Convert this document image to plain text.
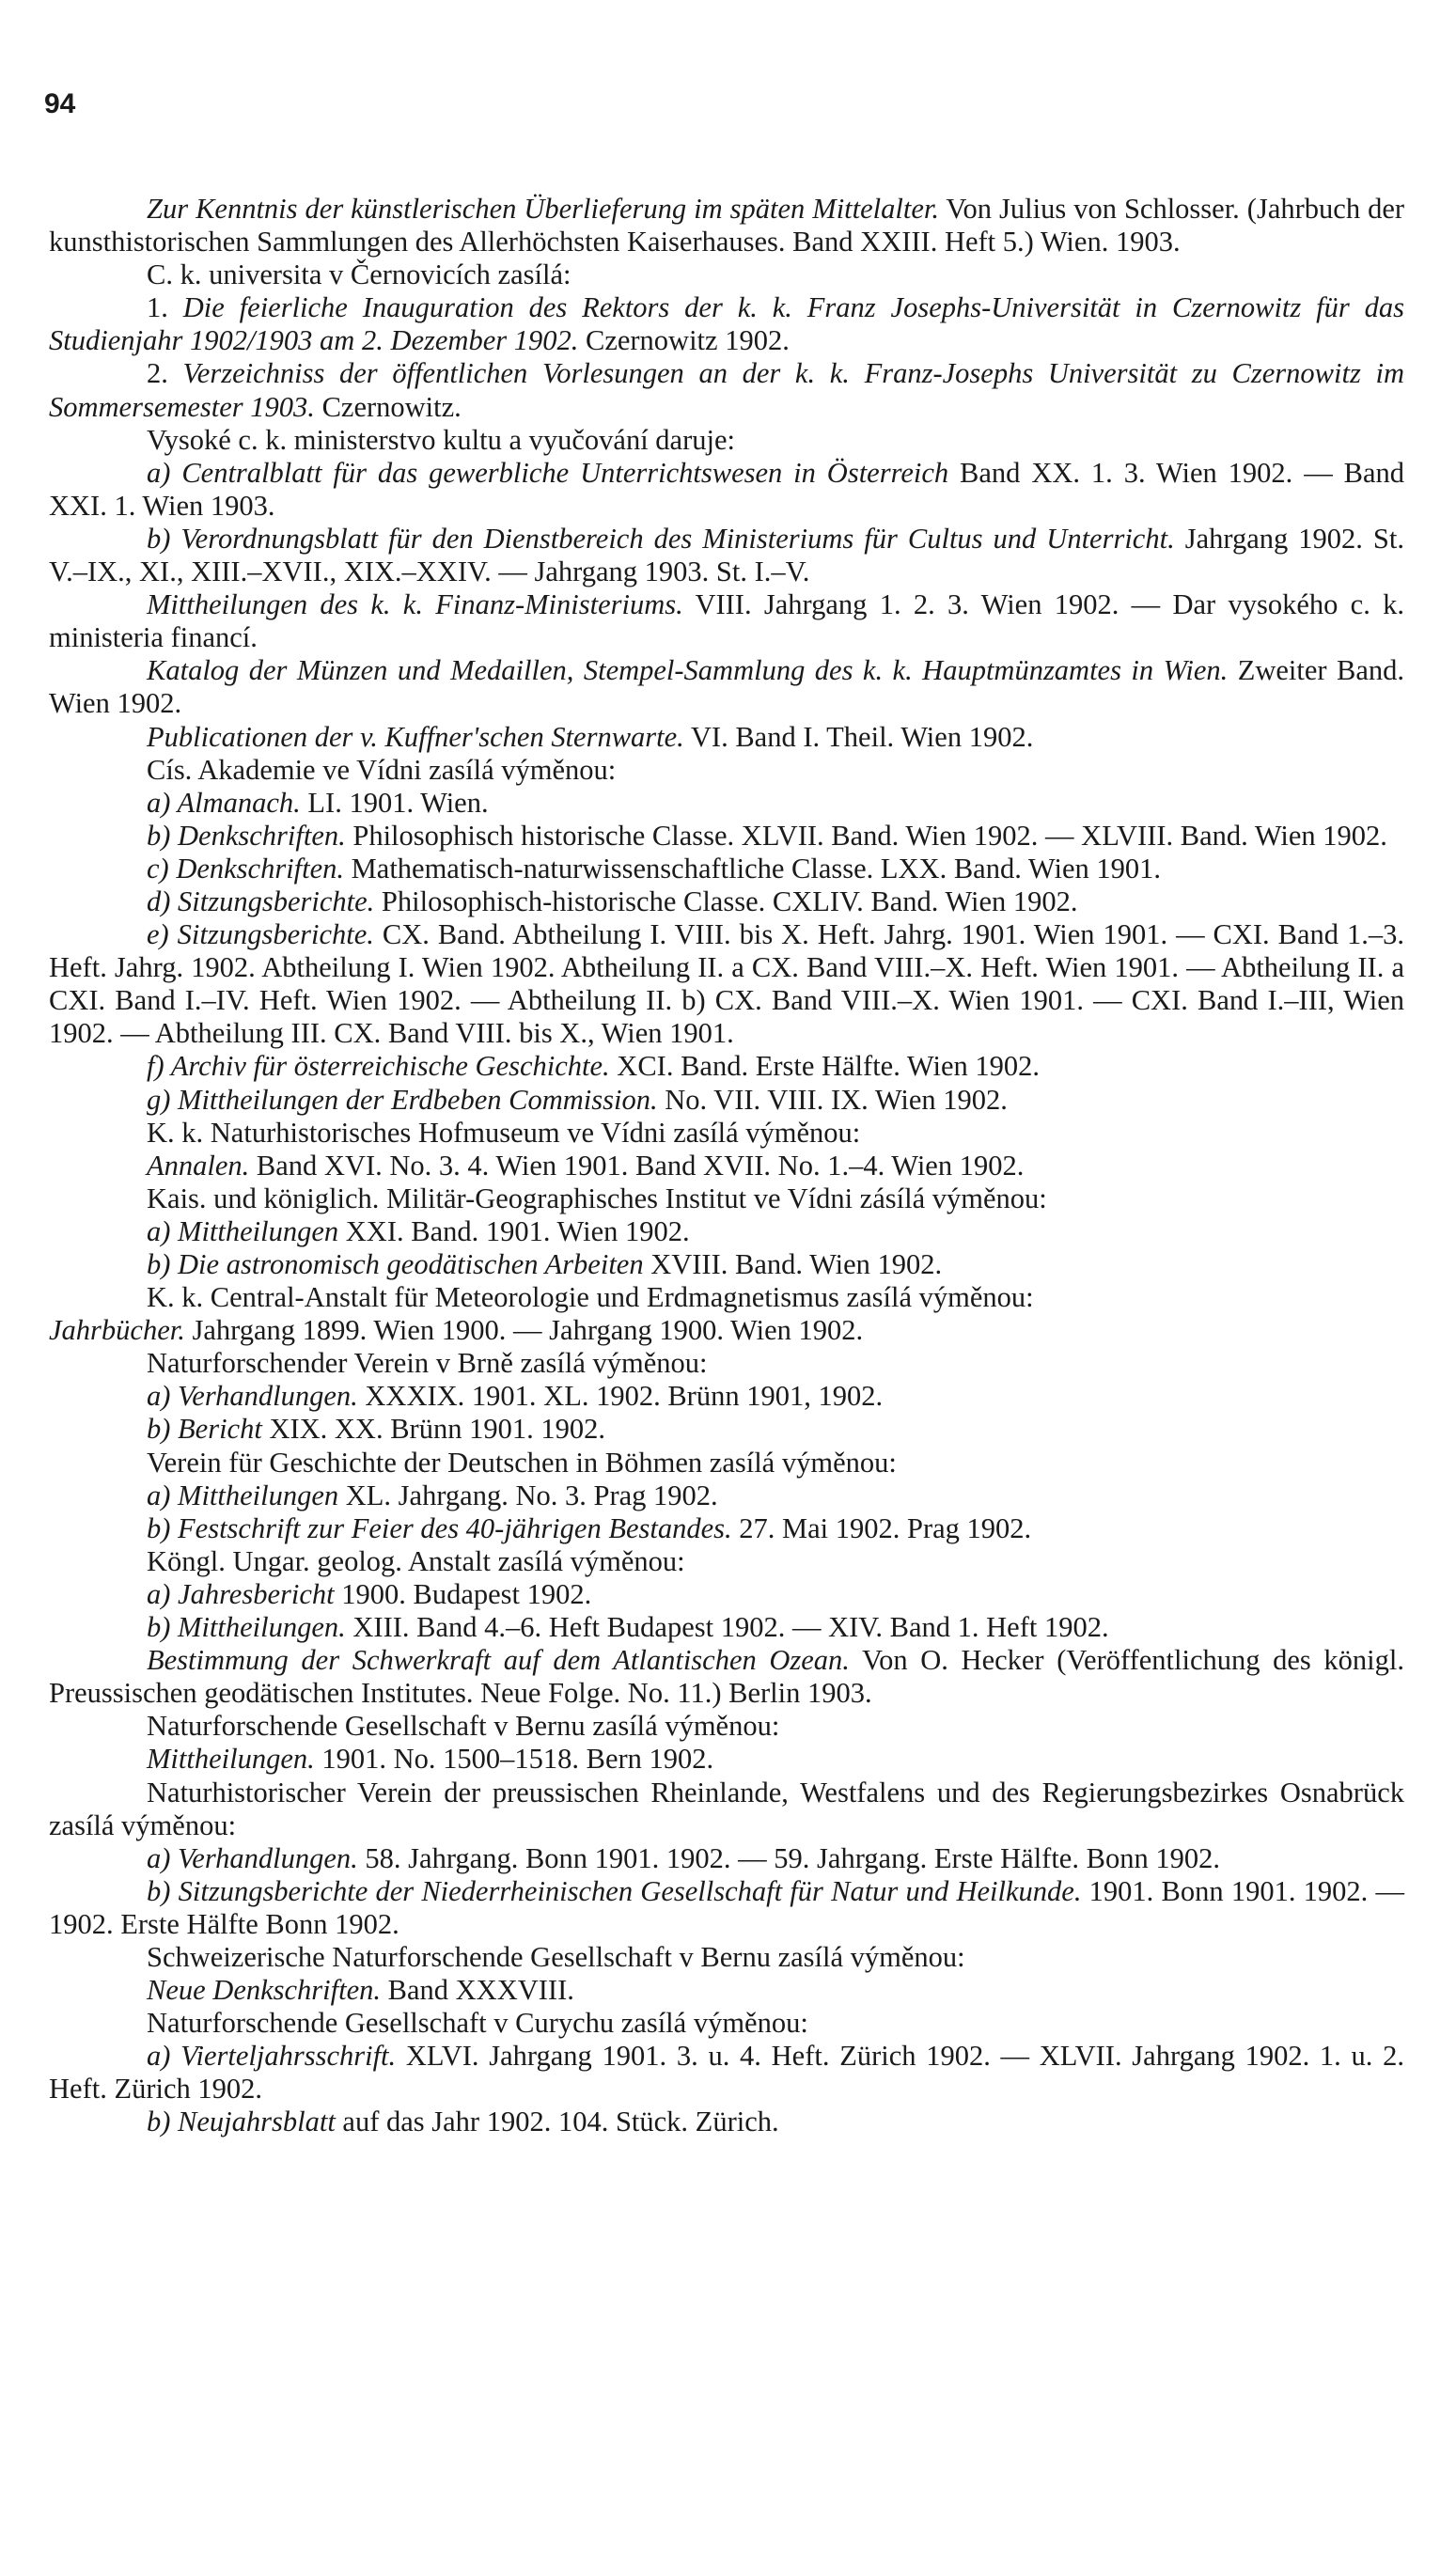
94

Zur Kenntnis der künstlerischen Überlieferung im späten Mittelalter. Von Julius von Schlosser. (Jahrbuch der kunsthistorischen Sammlungen des Allerhöchsten Kaiserhauses. Band XXIII. Heft 5.) Wien. 1903.

C. k. universita v Černovicích zasílá:

1. Die feierliche Inauguration des Rektors der k. k. Franz Josephs-Universität in Czernowitz für das Studienjahr 1902/1903 am 2. Dezember 1902. Czernowitz 1902.

2. Verzeichniss der öffentlichen Vorlesungen an der k. k. Franz-Josephs Universität zu Czernowitz im Sommersemester 1903. Czernowitz.

Vysoké c. k. ministerstvo kultu a vyučování daruje:

a) Centralblatt für das gewerbliche Unterrichtswesen in Österreich Band XX. 1. 3. Wien 1902. — Band XXI. 1. Wien 1903.

b) Verordnungsblatt für den Dienstbereich des Ministeriums für Cultus und Unterricht. Jahrgang 1902. St. V.–IX., XI., XIII.–XVII., XIX.–XXIV. — Jahrgang 1903. St. I.–V.

Mittheilungen des k. k. Finanz-Ministeriums. VIII. Jahrgang 1. 2. 3. Wien 1902. — Dar vysokého c. k. ministeria financí.

Katalog der Münzen und Medaillen, Stempel-Sammlung des k. k. Hauptmünzamtes in Wien. Zweiter Band. Wien 1902.

Publicationen der v. Kuffner'schen Sternwarte. VI. Band I. Theil. Wien 1902.

Cís. Akademie ve Vídni zasílá výměnou:

a) Almanach. LI. 1901. Wien.

b) Denkschriften. Philosophisch historische Classe. XLVII. Band. Wien 1902. — XLVIII. Band. Wien 1902.

c) Denkschriften. Mathematisch-naturwissenschaftliche Classe. LXX. Band. Wien 1901.

d) Sitzungsberichte. Philosophisch-historische Classe. CXLIV. Band. Wien 1902.

e) Sitzungsberichte. CX. Band. Abtheilung I. VIII. bis X. Heft. Jahrg. 1901. Wien 1901. — CXI. Band 1.–3. Heft. Jahrg. 1902. Abtheilung I. Wien 1902. Abtheilung II. a CX. Band VIII.–X. Heft. Wien 1901. — Abtheilung II. a CXI. Band I.–IV. Heft. Wien 1902. — Abtheilung II. b) CX. Band VIII.–X. Wien 1901. — CXI. Band I.–III, Wien 1902. — Abtheilung III. CX. Band VIII. bis X., Wien 1901.

f) Archiv für österreichische Geschichte. XCI. Band. Erste Hälfte. Wien 1902.

g) Mittheilungen der Erdbeben Commission. No. VII. VIII. IX. Wien 1902.

K. k. Naturhistorisches Hofmuseum ve Vídni zasílá výměnou:

Annalen. Band XVI. No. 3. 4. Wien 1901. Band XVII. No. 1.–4. Wien 1902.

Kais. und königlich. Militär-Geographisches Institut ve Vídni zásílá výměnou:

a) Mittheilungen XXI. Band. 1901. Wien 1902.

b) Die astronomisch geodätischen Arbeiten XVIII. Band. Wien 1902.

K. k. Central-Anstalt für Meteorologie und Erdmagnetismus zasílá výměnou:

Jahrbücher. Jahrgang 1899. Wien 1900. — Jahrgang 1900. Wien 1902.

Naturforschender Verein v Brně zasílá výměnou:

a) Verhandlungen. XXXIX. 1901. XL. 1902. Brünn 1901, 1902.

b) Bericht XIX. XX. Brünn 1901. 1902.

Verein für Geschichte der Deutschen in Böhmen zasílá výměnou:

a) Mittheilungen XL. Jahrgang. No. 3. Prag 1902.

b) Festschrift zur Feier des 40-jährigen Bestandes. 27. Mai 1902. Prag 1902.

Köngl. Ungar. geolog. Anstalt zasílá výměnou:

a) Jahresbericht 1900. Budapest 1902.

b) Mittheilungen. XIII. Band 4.–6. Heft Budapest 1902. — XIV. Band 1. Heft 1902.

Bestimmung der Schwerkraft auf dem Atlantischen Ozean. Von O. Hecker (Veröffentlichung des königl. Preussischen geodätischen Institutes. Neue Folge. No. 11.) Berlin 1903.

Naturforschende Gesellschaft v Bernu zasílá výměnou:

Mittheilungen. 1901. No. 1500–1518. Bern 1902.

Naturhistorischer Verein der preussischen Rheinlande, Westfalens und des Regierungsbezirkes Osnabrück zasílá výměnou:

a) Verhandlungen. 58. Jahrgang. Bonn 1901. 1902. — 59. Jahrgang. Erste Hälfte. Bonn 1902.

b) Sitzungsberichte der Niederrheinischen Gesellschaft für Natur und Heilkunde. 1901. Bonn 1901. 1902. — 1902. Erste Hälfte Bonn 1902.

Schweizerische Naturforschende Gesellschaft v Bernu zasílá výměnou:

Neue Denkschriften. Band XXXVIII.

Naturforschende Gesellschaft v Curychu zasílá výměnou:

a) Vierteljahrsschrift. XLVI. Jahrgang 1901. 3. u. 4. Heft. Zürich 1902. — XLVII. Jahrgang 1902. 1. u. 2. Heft. Zürich 1902.

b) Neujahrsblatt auf das Jahr 1902. 104. Stück. Zürich.
